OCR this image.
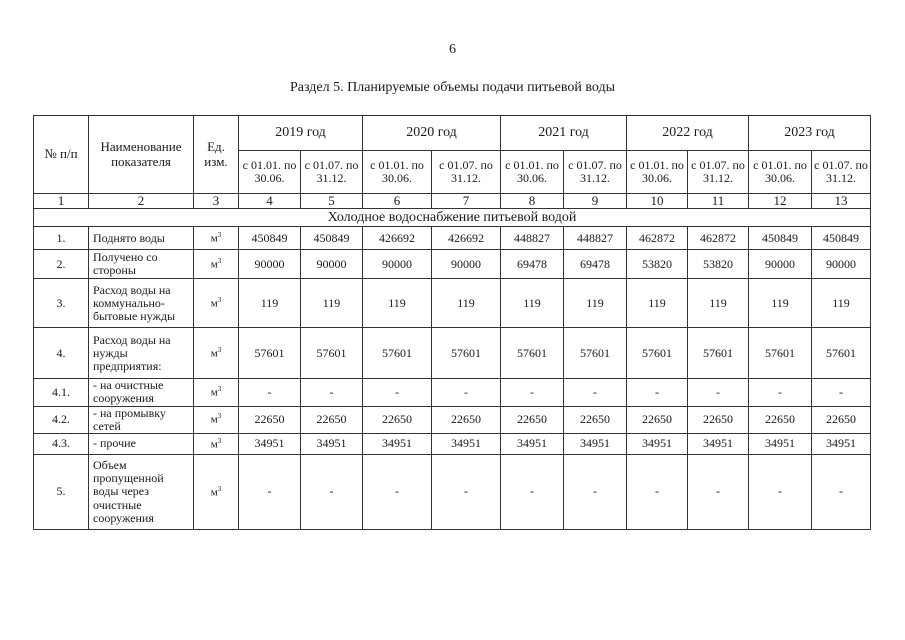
6
Раздел 5. Планируемые объемы подачи питьевой воды
№ п/п	Наименование показателя	Ед. изм.	2019 год		2020 год		2021 год		2022 год		2023 год	
			с 01.01. по 30.06.	с 01.07. по 31.12.	с 01.01. по 30.06.	с 01.07. по 31.12.	с 01.01. по 30.06.	с 01.07. по 31.12.	с 01.01. по 30.06.	с 01.07. по 31.12.	с 01.01. по 30.06.	с 01.07. по 31.12.
1	2	3	4	5	6	7	8	9	10	11	12	13
Холодное водоснабжение питьевой водой												
1.	Поднято воды	$м^3$	450849	450849	426692	426692	448827	448827	462872	462872	450849	450849
2.	Получено со стороны	$м^3$	90000	90000	90000	90000	69478	69478	53820	53820	90000	90000
3.	Расход воды на коммунально-бытовые нужды	$м^3$	119	119	119	119	119	119	119	119	119	119
4.	Расход воды на нужды предприятия:	$м^3$	57601	57601	57601	57601	57601	57601	57601	57601	57601	57601
4.1.	- на очистные сооружения	$м^3$	-	-	-	-	-	-	-	-	-	-
4.2.	- на промывку сетей	$м^3$	22650	22650	22650	22650	22650	22650	22650	22650	22650	22650
4.3.	- прочие	$м^3$	34951	34951	34951	34951	34951	34951	34951	34951	34951	34951
5.	Объем пропущенной воды через очистные сооружения	$м^3$	-	-	-	-	-	-	-	-	-	-
